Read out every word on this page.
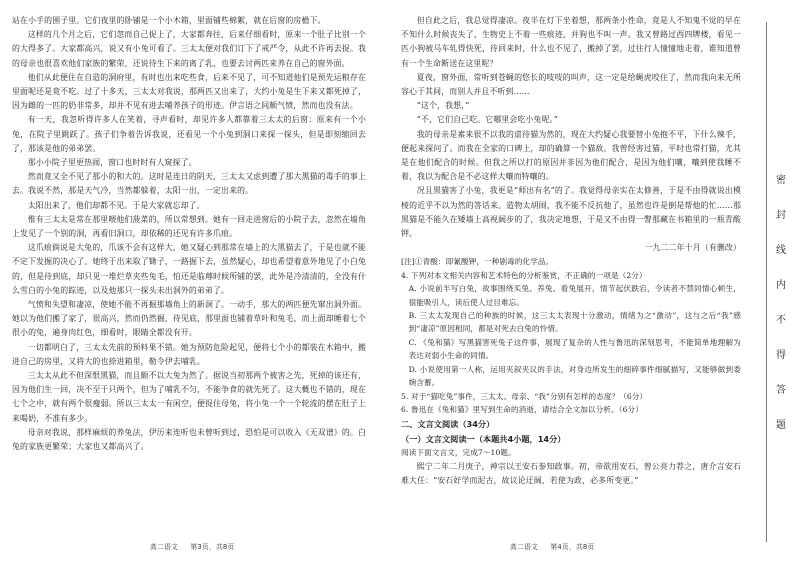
站在小手的围子里。它们夜里的卧铺是一个小木箱，里面铺些棉絮，就在后窗的房檐下。

这样的几个月之后，它们忽而自己捉上了，大家都奔往，后来仔细看时，原来一个肚子比别一个的大得多了。大家都高兴，说又有小兔可看了。三太太便对我们订下了戒严令，从此不许再去捉。我的母亲也很喜欢他们家族的繁荣，还说待生下来的离了乳，也要去讨两匹来养在自己的窗外面。

他们从此便住在自造的洞府里，有时也出来吃些食，后来不见了，可不知道他们是预先运粮存在里面呢还是竟不吃。过了十多天，三太太对我说，那两匹又出来了，大约小兔是生下来又都死掉了，因为雌的一匹的奶非常多，却并不见有进去哺养孩子的形迹。伊言语之间颇气愤，然而也没有法。

有一天，我忽听得许多人在笑着，寻声看时，却见许多人都靠着三太太的后窗：原来有一个小兔，在院子里跳跃了。孩子们争着告诉我说，还看见一个小兔到洞口来探一探头，但是即刻缩回去了，那该是他的弟弟罢。

那小小院子里更热闹，窗口也时时有人窥探了。

然而竟又全不见了那小的和大的。这时是连日的阴天，三太太又虑到遭了那大黑猫的毒手的事上去。我说不然，那是天气冷，当然都躲着，太阳一出，一定出来的。

太阳出来了，他们却都不见。于是大家就忘却了。

惟有三太太是常在那里喂他们菠菜的，所以常想到。她有一回走进窗后的小院子去，忽然在墙角上发见了一个别的洞，再看旧洞口，却依稀的还见有许多爪痕。

这爪痕倘说是大兔的，爪该不会有这样大，她又疑心到那常在墙上的大黑猫去了，于是也就不能不定下发掘的决心了。她终于出来取了锄子，一路掘下去，虽然疑心，却也希望着意外地见了小白兔的，但是待到底，却只见一堆烂草夹些兔毛，怕还是临蓐时候所铺的罢，此外是冷清清的，全没有什么雪白的小兔的踪迹，以及他那只一探头未出洞外的弟弟了。

气愤和失望和凄凉，使她不能不再掘那墙角上的新洞了。一动手，那大的两匹便先窜出洞外面。她以为他们搬了家了，很高兴，然而仍然掘，待见底，那里面也铺着草叶和兔毛，而上面却睡着七个很小的兔，遍身肉红色，细看时，眼睛全都没有开。

一切都明白了，三太太先前的预料果不错。她为预防危险起见，便将七个小的都装在木箱中，搬进自己的房里，又将大的也捺进箱里，勒令伊去哺乳。

三太太从此不但深恨黑猫，而且颇不以大兔为然了。据说当初那两个被害之先，死掉的该还有，因为他们生一回，决不至于只两个，但为了哺乳不匀，不能争食的就先死了。这大概也不错的，现在七个之中，就有两个很瘦弱。所以三太太一有闲空，便捉住母兔，将小兔一个一个轮流的摆在肚子上来喝奶，不准有多少。

母亲对我说，那样麻烦的养兔法，伊历来连听也未曾听到过，恐怕是可以收入《无双谱》的。白兔的家族更繁荣；大家也又都高兴了。

高二语文 第3页，共8页

但自此之后，我总觉得凄凉。夜半在灯下坐着想，那两条小性命，竟是人不知鬼不觉的早在不知什么时候丧失了，生物史上不着一些痕迹，并狗也不叫一声。我又曾路过西四牌楼，看见一匹小狗被马车轧得快死，待回来时，什么也不见了，搬掉了罢，过往行人憧憧地走着，谁知道曾有一个生命断送在这里呢？

夏夜，窗外面，常听到苍蝇的悠长的吱吱的叫声，这一定是给蝇虎咬住了，然而我向来无所容心于其间，而别人并且不听到……

“这个，我想，”

“不，它们自己吃。它哪里会吃小兔呢。”

我的母亲是素来很不以我的虐待猫为然的，现在大约疑心我要替小兔抱不平，下什么辣手，便起来探问了。而我在全家的口碑上，却的确算一个猫敌。我曾经害过猫，平时也常打猫，尤其是在他们配合的时候。但我之所以打的原因并非因为他们配合，是因为他们嚷，嚷到使我睡不着，我以为配合是不必这样大嚷而特嚷的。

况且黑猫害了小兔，我更是“师出有名”的了。我觉得母亲实在太修善，于是不由得就说出模棱的近乎不以为然的答话来。造物太胡闹，我不能不反抗他了，虽然也许是倒是帮他的忙……那黑猫是不能久在矮墙上高视阔步的了，我决定地想，于是又不由得一瞥那藏在书箱里的一瓶青酸钾。

一九二二年十月（有删改）

[注]①青酸：即氰酸钾，一种剧毒的化学品。

4. 下列对本文相关内容和艺术特色的分析鉴赏，不正确的一项是（2分）

A. 小说前半写白兔，故事围绕买兔、养兔、看兔展开，情节起伏跌宕，令读者不禁同情心顿生，很能吸引人，读后使人过目难忘。

B. 三太太发现自己的种族的时候，这三太太表现十分激动，情绪为之“激动”，这与之后“我”感到“凄凉”原因相同，都是对死去白兔的怜惜。

C. 《兔和猫》写黑猫害死兔子这件事，展现了复杂的人性与鲁迅的深刻思考，不能简单地理解为表达对弱小生命的同情。

D. 小说使用第一人称，运用夹叙夹议的手法，对身边所发生的细碎事件细腻描写，又能够做到委婉含蓄。

5. 对于“猫吃兔”事件，三太太、母亲、“我”分别有怎样的态度？（6分）

6. 鲁迅在《兔和猫》里写到生命的消逝，请结合全文加以分析。（6分）

二、文言文阅读（34分）

（一）文言文阅读一（本题共4小题，14分）

阅读下面文言文，完成7～10题。

熙宁二年二月庚子，神宗以王安石参知政事。初，帝欲用安石，曾公亮力荐之，唐介言安石难大任：“安石好学而泥古，故议论迂阔，若使为政，必多所变更。”

高二语文 第4页，共8页
密
封
线
内
不
得
答
题
